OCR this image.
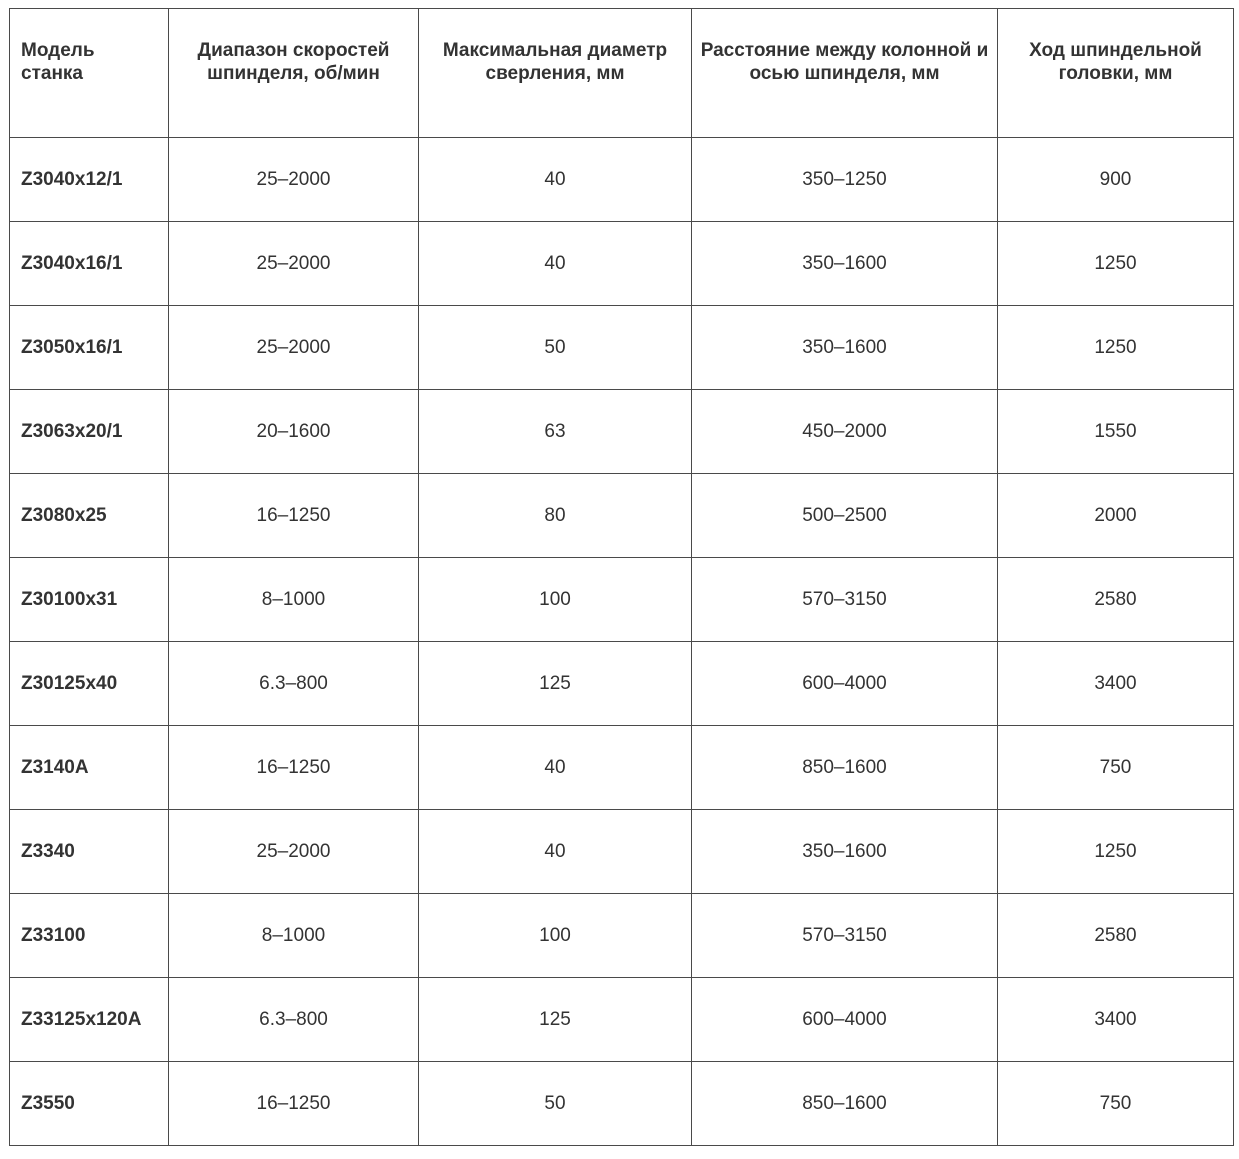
Модель станка	Диапазон скоростей шпинделя, об/мин	Максимальная диаметр сверления, мм	Расстояние между колонной и осью шпинделя, мм	Ход шпиндельной головки, мм
Z3040x12/1	25–2000	40	350–1250	900
Z3040x16/1	25–2000	40	350–1600	1250
Z3050x16/1	25–2000	50	350–1600	1250
Z3063x20/1	20–1600	63	450–2000	1550
Z3080x25	16–1250	80	500–2500	2000
Z30100x31	8–1000	100	570–3150	2580
Z30125x40	6.3–800	125	600–4000	3400
Z3140A	16–1250	40	850–1600	750
Z3340	25–2000	40	350–1600	1250
Z33100	8–1000	100	570–3150	2580
Z33125x120A	6.3–800	125	600–4000	3400
Z3550	16–1250	50	850–1600	750
